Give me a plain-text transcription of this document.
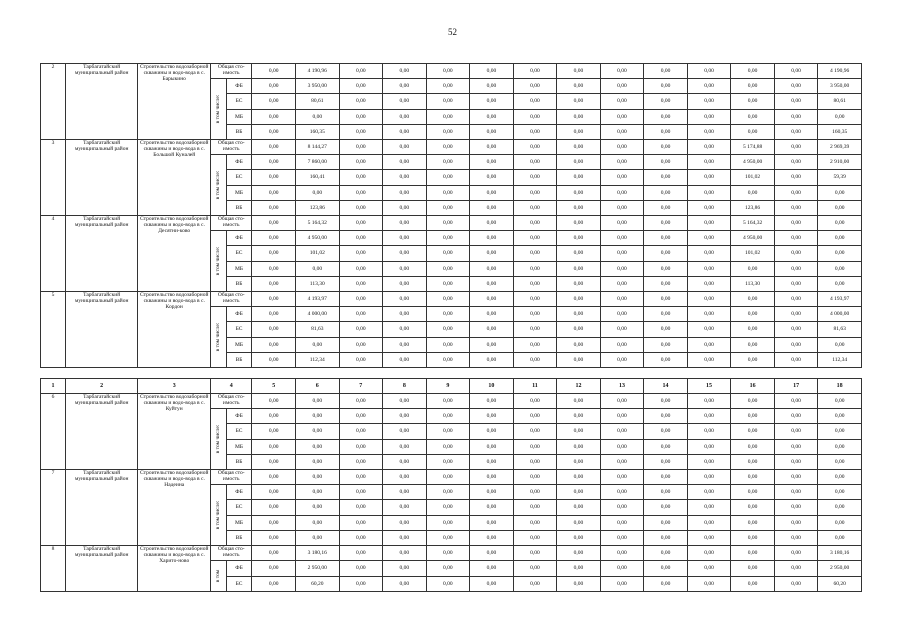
52
2	Тарбагатайский муниципальный район	Строительство водозаборной скважины и водо-вода в с. Барыкино	Общая сто-
имость		0,00	4 190,96	0,00	0,00	0,00	0,00	0,00	0,00	0,00	0,00	0,00	0,00	0,00	4 190,96

			в том числе:	ФБ	0,00	3 950,00	0,00	0,00	0,00	0,00	0,00	0,00	0,00	0,00	0,00	0,00	0,00	3 950,00
				БС	0,00	80,61	0,00	0,00	0,00	0,00	0,00	0,00	0,00	0,00	0,00	0,00	0,00	80,61
				МБ	0,00	0,00	0,00	0,00	0,00	0,00	0,00	0,00	0,00	0,00	0,00	0,00	0,00	0,00
				ВБ	0,00	160,35	0,00	0,00	0,00	0,00	0,00	0,00	0,00	0,00	0,00	0,00	0,00	160,35
3	Тарбагатайский муниципальный район	Строительство водозаборной скважины и водо-вода в с. Большой Куналей	Общая сто-
имость		0,00	8 144,27	0,00	0,00	0,00	0,00	0,00	0,00	0,00	0,00	0,00	5 174,88	0,00	2 969,39

			в том числе:	ФБ	0,00	7 860,00	0,00	0,00	0,00	0,00	0,00	0,00	0,00	0,00	0,00	4 950,00	0,00	2 910,00
				БС	0,00	160,41	0,00	0,00	0,00	0,00	0,00	0,00	0,00	0,00	0,00	101,02	0,00	59,39
				МБ	0,00	0,00	0,00	0,00	0,00	0,00	0,00	0,00	0,00	0,00	0,00	0,00	0,00	0,00
				ВБ	0,00	123,86	0,00	0,00	0,00	0,00	0,00	0,00	0,00	0,00	0,00	123,86	0,00	0,00
4	Тарбагатайский муниципальный район	Строительство водозаборной скважины и водо-вода в с. Десятни-ково	Общая сто-
имость		0,00	5 164,32	0,00	0,00	0,00	0,00	0,00	0,00	0,00	0,00	0,00	5 164,32	0,00	0,00

			в том числе:	ФБ	0,00	4 950,00	0,00	0,00	0,00	0,00	0,00	0,00	0,00	0,00	0,00	4 950,00	0,00	0,00
				БС	0,00	101,02	0,00	0,00	0,00	0,00	0,00	0,00	0,00	0,00	0,00	101,02	0,00	0,00
				МБ	0,00	0,00	0,00	0,00	0,00	0,00	0,00	0,00	0,00	0,00	0,00	0,00	0,00	0,00
				ВБ	0,00	113,30	0,00	0,00	0,00	0,00	0,00	0,00	0,00	0,00	0,00	113,30	0,00	0,00
5	Тарбагатайский муниципальный район	Строительство водозаборной скважины и водо-вода в с. Кордон	Общая сто-
имость		0,00	4 193,97	0,00	0,00	0,00	0,00	0,00	0,00	0,00	0,00	0,00	0,00	0,00	4 193,97

			в том числе:	ФБ	0,00	4 000,00	0,00	0,00	0,00	0,00	0,00	0,00	0,00	0,00	0,00	0,00	0,00	4 000,00
				БС	0,00	81,63	0,00	0,00	0,00	0,00	0,00	0,00	0,00	0,00	0,00	0,00	0,00	81,63
				МБ	0,00	0,00	0,00	0,00	0,00	0,00	0,00	0,00	0,00	0,00	0,00	0,00	0,00	0,00
				ВБ	0,00	112,34	0,00	0,00	0,00	0,00	0,00	0,00	0,00	0,00	0,00	0,00	0,00	112,34

1	2	3	4		5	6	7	8	9	10	11	12	13	14	15	16	17	18
6	Тарбагатайский муниципальный район	Строительство водозаборной скважины и водо-вода в с. Куйтун	Общая сто-
имость		0,00	0,00	0,00	0,00	0,00	0,00	0,00	0,00	0,00	0,00	0,00	0,00	0,00	0,00

			в том числе:	ФБ	0,00	0,00	0,00	0,00	0,00	0,00	0,00	0,00	0,00	0,00	0,00	0,00	0,00	0,00
				БС	0,00	0,00	0,00	0,00	0,00	0,00	0,00	0,00	0,00	0,00	0,00	0,00	0,00	0,00
				МБ	0,00	0,00	0,00	0,00	0,00	0,00	0,00	0,00	0,00	0,00	0,00	0,00	0,00	0,00
				ВБ	0,00	0,00	0,00	0,00	0,00	0,00	0,00	0,00	0,00	0,00	0,00	0,00	0,00	0,00
7	Тарбагатайский муниципальный район	Строительство водозаборной скважины и водо-вода в с. Надеина	Общая сто-
имость		0,00	0,00	0,00	0,00	0,00	0,00	0,00	0,00	0,00	0,00	0,00	0,00	0,00	0,00

			в том числе:	ФБ	0,00	0,00	0,00	0,00	0,00	0,00	0,00	0,00	0,00	0,00	0,00	0,00	0,00	0,00
				БС	0,00	0,00	0,00	0,00	0,00	0,00	0,00	0,00	0,00	0,00	0,00	0,00	0,00	0,00
				МБ	0,00	0,00	0,00	0,00	0,00	0,00	0,00	0,00	0,00	0,00	0,00	0,00	0,00	0,00
				ВБ	0,00	0,00	0,00	0,00	0,00	0,00	0,00	0,00	0,00	0,00	0,00	0,00	0,00	0,00
8	Тарбагатайский муниципальный район	Строительство водозаборной скважины и водо-вода в с. Харито-ново	Общая сто-
имость		0,00	3 180,16	0,00	0,00	0,00	0,00	0,00	0,00	0,00	0,00	0,00	0,00	0,00	3 180,16

			в том	ФБ	0,00	2 950,00	0,00	0,00	0,00	0,00	0,00	0,00	0,00	0,00	0,00	0,00	0,00	2 950,00
				БС	0,00	60,20	0,00	0,00	0,00	0,00	0,00	0,00	0,00	0,00	0,00	0,00	0,00	60,20
